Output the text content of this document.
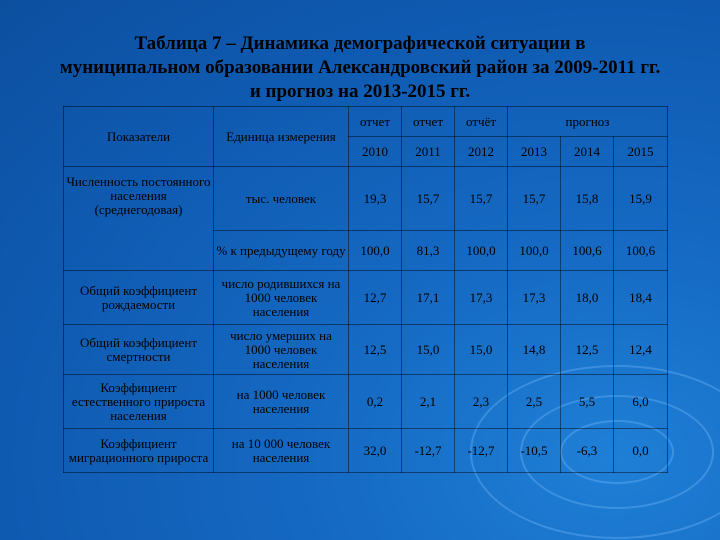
Таблица 7 – Динамика демографической ситуации в
муниципальном образовании Александровский район за 2009-2011 гг.
и прогноз на 2013-2015 гг.
Показатели	Единица измерения	отчет	отчет	отчёт	прогноз		
		2010	2011	2012	2013	2014	2015
Численность постоянного населения (среднегодовая)	тыс. человек	19,3	15,7	15,7	15,7	15,8	15,9
	% к предыдущему году	100,0	81,3	100,0	100,0	100,6	100,6
Общий коэффициент рождаемости	число родившихся на 1000 человек населения	12,7	17,1	17,3	17,3	18,0	18,4
Общий коэффициент смертности	число умерших на 1000 человек населения	12,5	15,0	15,0	14,8	12,5	12,4
Коэффициент естественного прироста населения	на 1000 человек населения	0,2	2,1	2,3	2,5	5,5	6,0
Коэффициент миграционного прироста	на 10 000 человек населения	32,0	-12,7	-12,7	-10,5	-6,3	0,0
